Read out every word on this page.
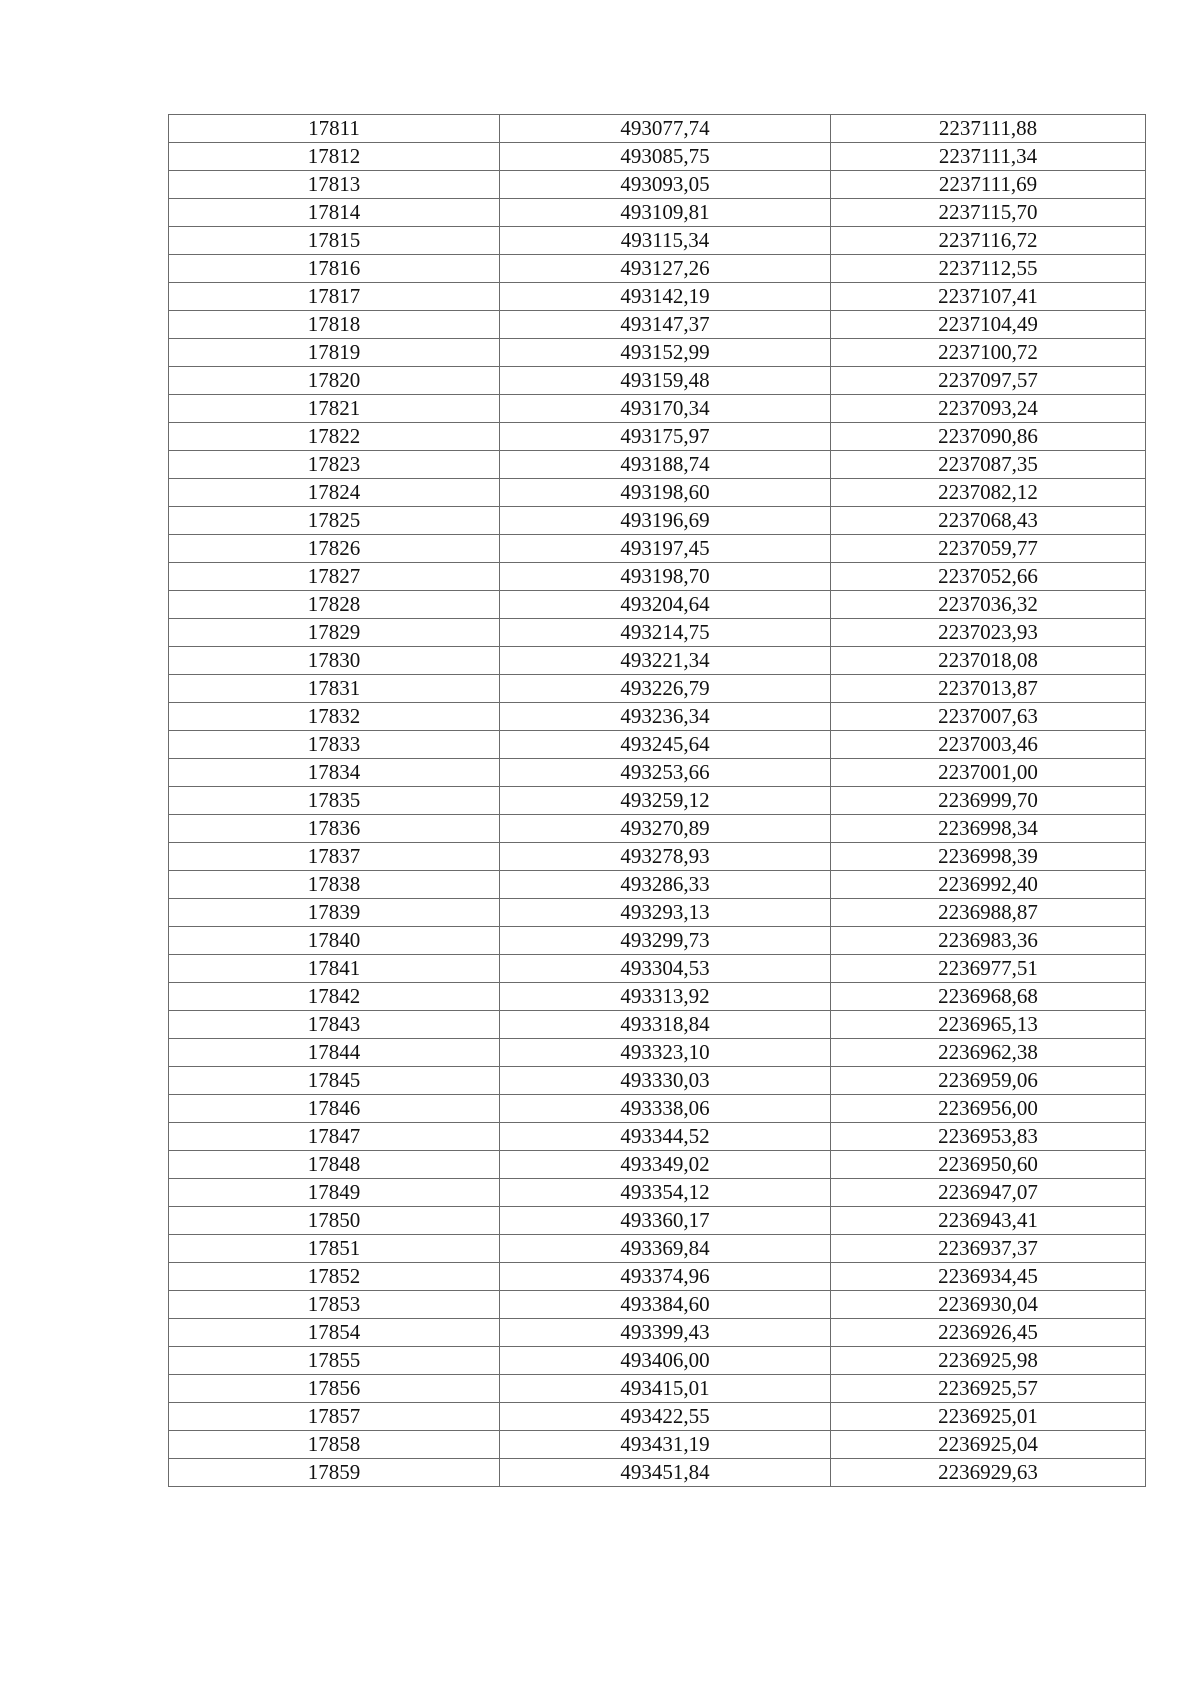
17811	493077,74	2237111,88
17812	493085,75	2237111,34
17813	493093,05	2237111,69
17814	493109,81	2237115,70
17815	493115,34	2237116,72
17816	493127,26	2237112,55
17817	493142,19	2237107,41
17818	493147,37	2237104,49
17819	493152,99	2237100,72
17820	493159,48	2237097,57
17821	493170,34	2237093,24
17822	493175,97	2237090,86
17823	493188,74	2237087,35
17824	493198,60	2237082,12
17825	493196,69	2237068,43
17826	493197,45	2237059,77
17827	493198,70	2237052,66
17828	493204,64	2237036,32
17829	493214,75	2237023,93
17830	493221,34	2237018,08
17831	493226,79	2237013,87
17832	493236,34	2237007,63
17833	493245,64	2237003,46
17834	493253,66	2237001,00
17835	493259,12	2236999,70
17836	493270,89	2236998,34
17837	493278,93	2236998,39
17838	493286,33	2236992,40
17839	493293,13	2236988,87
17840	493299,73	2236983,36
17841	493304,53	2236977,51
17842	493313,92	2236968,68
17843	493318,84	2236965,13
17844	493323,10	2236962,38
17845	493330,03	2236959,06
17846	493338,06	2236956,00
17847	493344,52	2236953,83
17848	493349,02	2236950,60
17849	493354,12	2236947,07
17850	493360,17	2236943,41
17851	493369,84	2236937,37
17852	493374,96	2236934,45
17853	493384,60	2236930,04
17854	493399,43	2236926,45
17855	493406,00	2236925,98
17856	493415,01	2236925,57
17857	493422,55	2236925,01
17858	493431,19	2236925,04
17859	493451,84	2236929,63
